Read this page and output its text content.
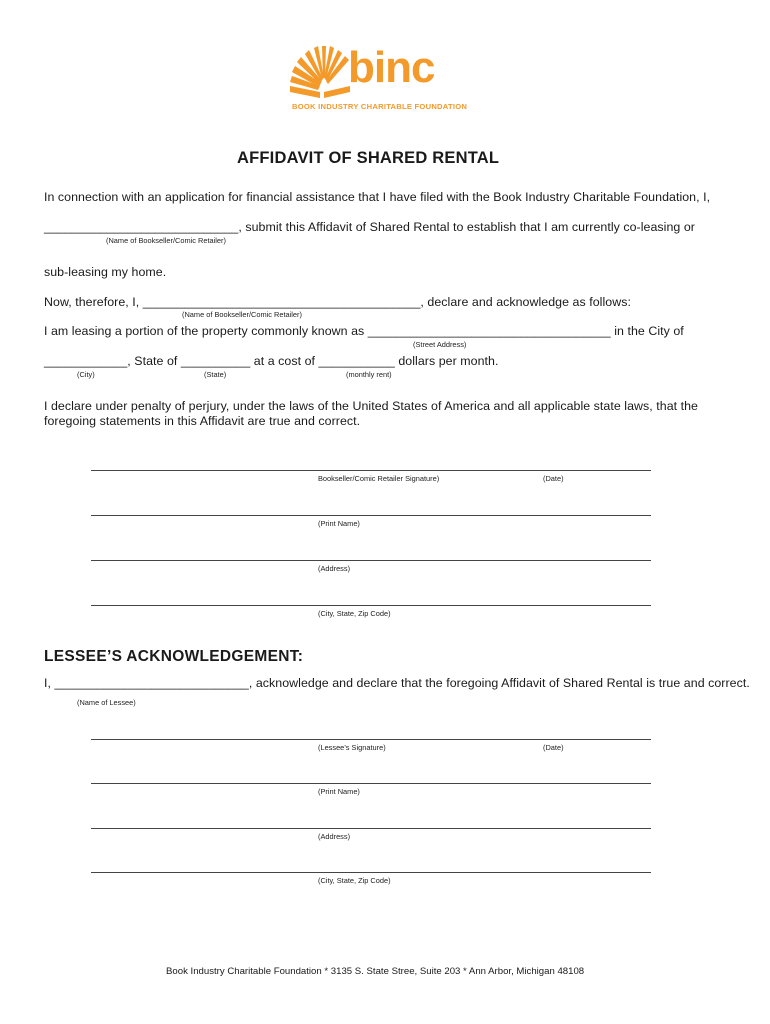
binc
BOOK INDUSTRY CHARITABLE FOUNDATION
AFFIDAVIT OF SHARED RENTAL
In connection with an application for financial assistance that I have filed with the Book Industry Charitable Foundation, I,
____________________________, submit this Affidavit of Shared Rental to establish that I am currently co-leasing or
(Name of Bookseller/Comic Retailer)
sub-leasing my home.
Now, therefore, I, ________________________________________, declare and acknowledge as follows:
(Name of Bookseller/Comic Retailer)
I am leasing a portion of the property commonly known as ___________________________________ in the City of
(Street Address)
____________, State of __________ at a cost of ___________ dollars per month.
(City)	(State)	(monthly rent)
I declare under penalty of perjury, under the laws of the United States of America and all applicable state laws, that the
foregoing statements in this Affidavit are true and correct.
Bookseller/Comic Retailer Signature)	(Date)
(Print Name)
(Address)
(City, State, Zip Code)
LESSEE’S ACKNOWLEDGEMENT:
I, ____________________________, acknowledge and declare that the foregoing Affidavit of Shared Rental is true and correct.
(Name of Lessee)
(Lessee’s Signature)	(Date)
(Print Name)
(Address)
(City, State, Zip Code)
Book Industry Charitable Foundation * 3135 S. State Stree, Suite 203 * Ann Arbor, Michigan 48108
